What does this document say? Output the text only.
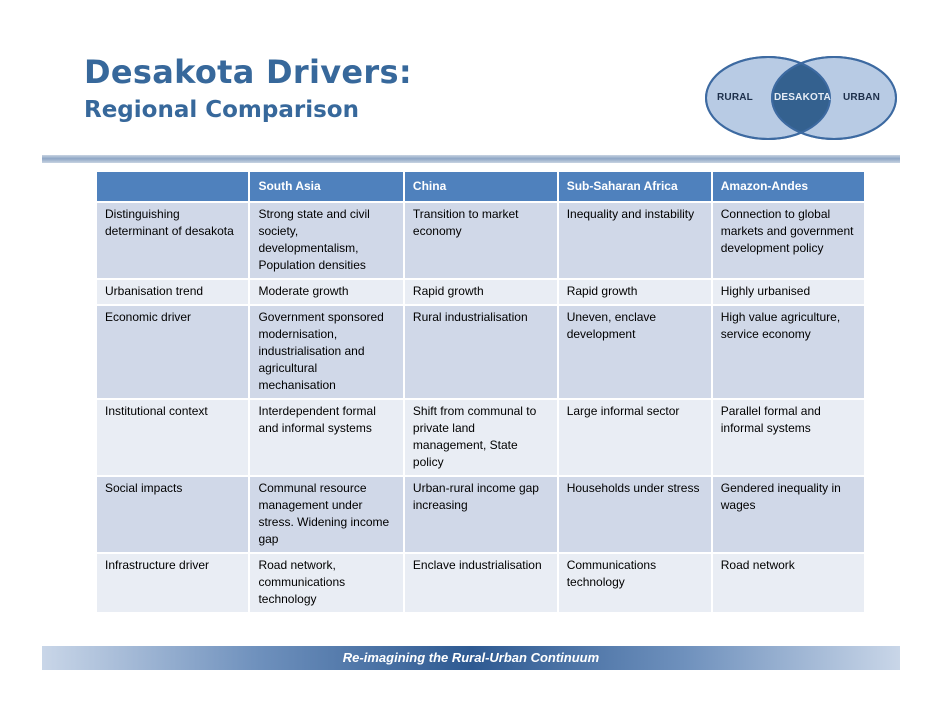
Desakota Drivers:
Regional Comparison	RURAL DESAKOTA URBAN
	South Asia	China	Sub-Saharan Africa	Amazon-Andes
Distinguishing determinant of desakota	Strong state and civil society, developmentalism, Population densities	Transition to market economy	Inequality and instability	Connection to global markets and government development policy
Urbanisation trend	Moderate growth	Rapid growth	Rapid growth	Highly urbanised
Economic driver	Government sponsored modernisation, industrialisation and agricultural mechanisation	Rural industrialisation	Uneven, enclave development	High value agriculture, service economy
Institutional context	Interdependent formal and informal systems	Shift from communal to private land management, State policy	Large informal sector	Parallel formal and informal systems
Social impacts	Communal resource management under stress. Widening income gap	Urban-rural income gap increasing	Households under stress	Gendered inequality in wages
Infrastructure driver	Road network, communications technology	Enclave industrialisation	Communications technology	Road network
Re-imagining the Rural-Urban Continuum
